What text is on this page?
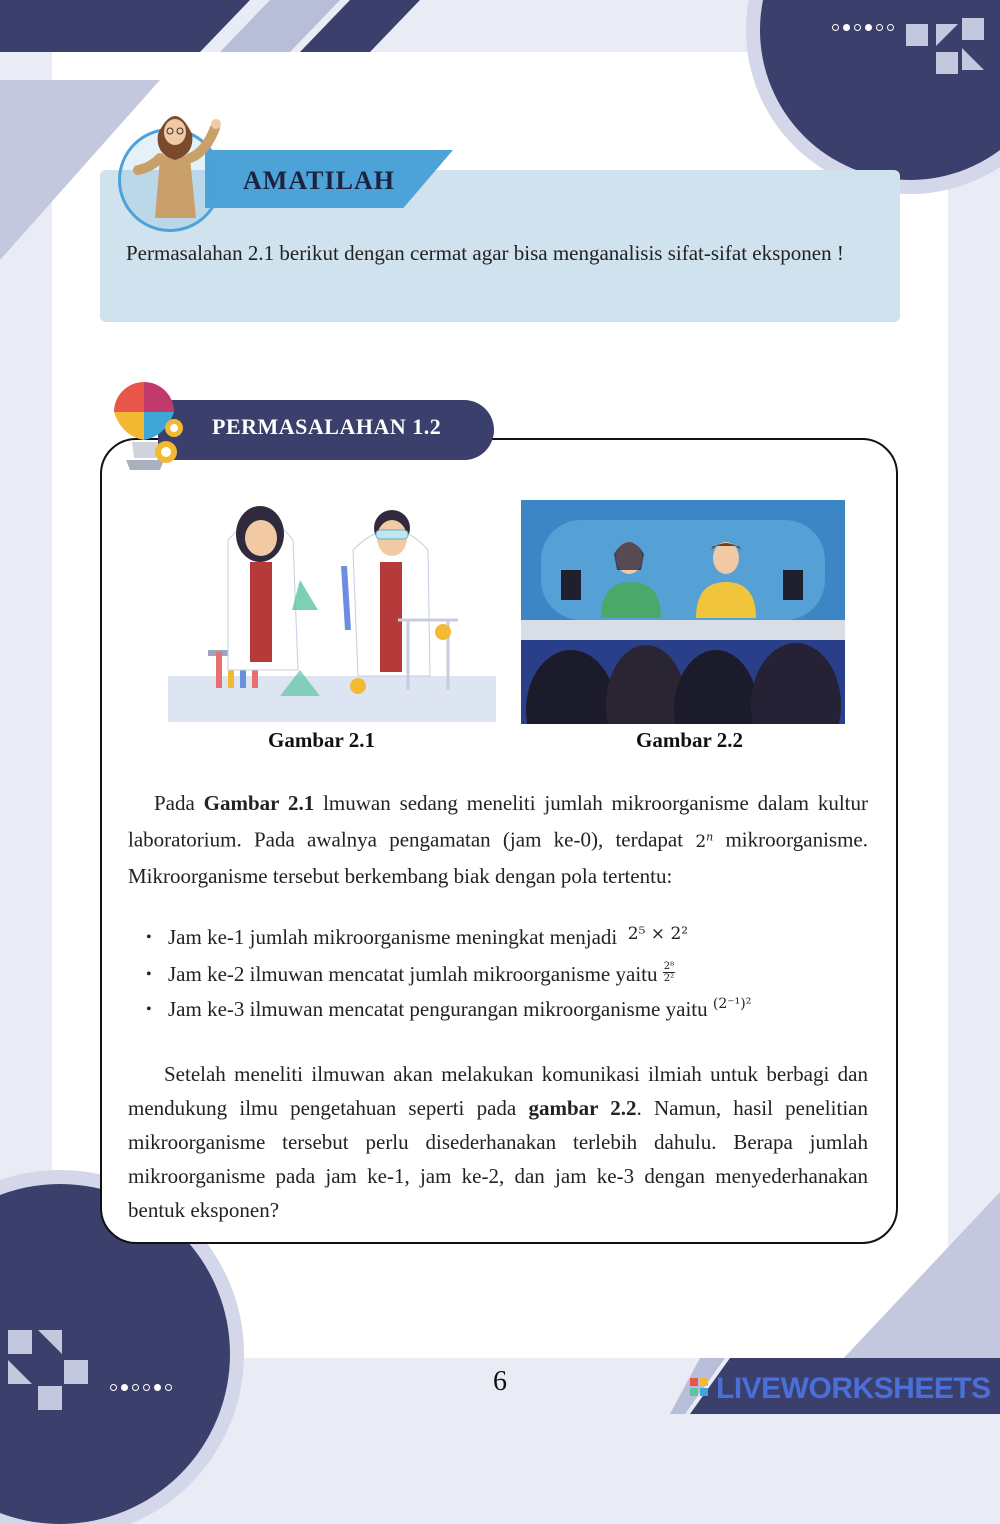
AMATILAH
Permasalahan 2.1 berikut dengan cermat agar bisa menganalisis sifat-sifat eksponen !
PERMASALAHAN 1.2
Gambar 2.1	Gambar 2.2
Pada Gambar 2.1 lmuwan sedang meneliti jumlah mikroorganisme dalam kultur laboratorium. Pada awalnya pengamatan (jam ke-0), terdapat 2$^n$ mikroorganisme. Mikroorganisme tersebut berkembang biak dengan pola tertentu:
• Jam ke-1 jumlah mikroorganisme meningkat menjadi $^{2^5 \times 2^2}$
• Jam ke-2 ilmuwan mencatat jumlah mikroorganisme yaitu $\frac{\text{2⁸}}{\text{2²}}$
• Jam ke-3 ilmuwan mencatat pengurangan mikroorganisme yaitu $^{(2^{-1})^2}$
Setelah meneliti ilmuwan akan melakukan komunikasi ilmiah untuk berbagi dan mendukung ilmu pengetahuan seperti pada gambar 2.2. Namun, hasil penelitian mikroorganisme tersebut perlu disederhanakan terlebih dahulu. Berapa jumlah mikroorganisme pada jam ke-1, jam ke-2, dan jam ke-3 dengan menyederhanakan bentuk eksponen?
6	LIVEWORKSHEETS
